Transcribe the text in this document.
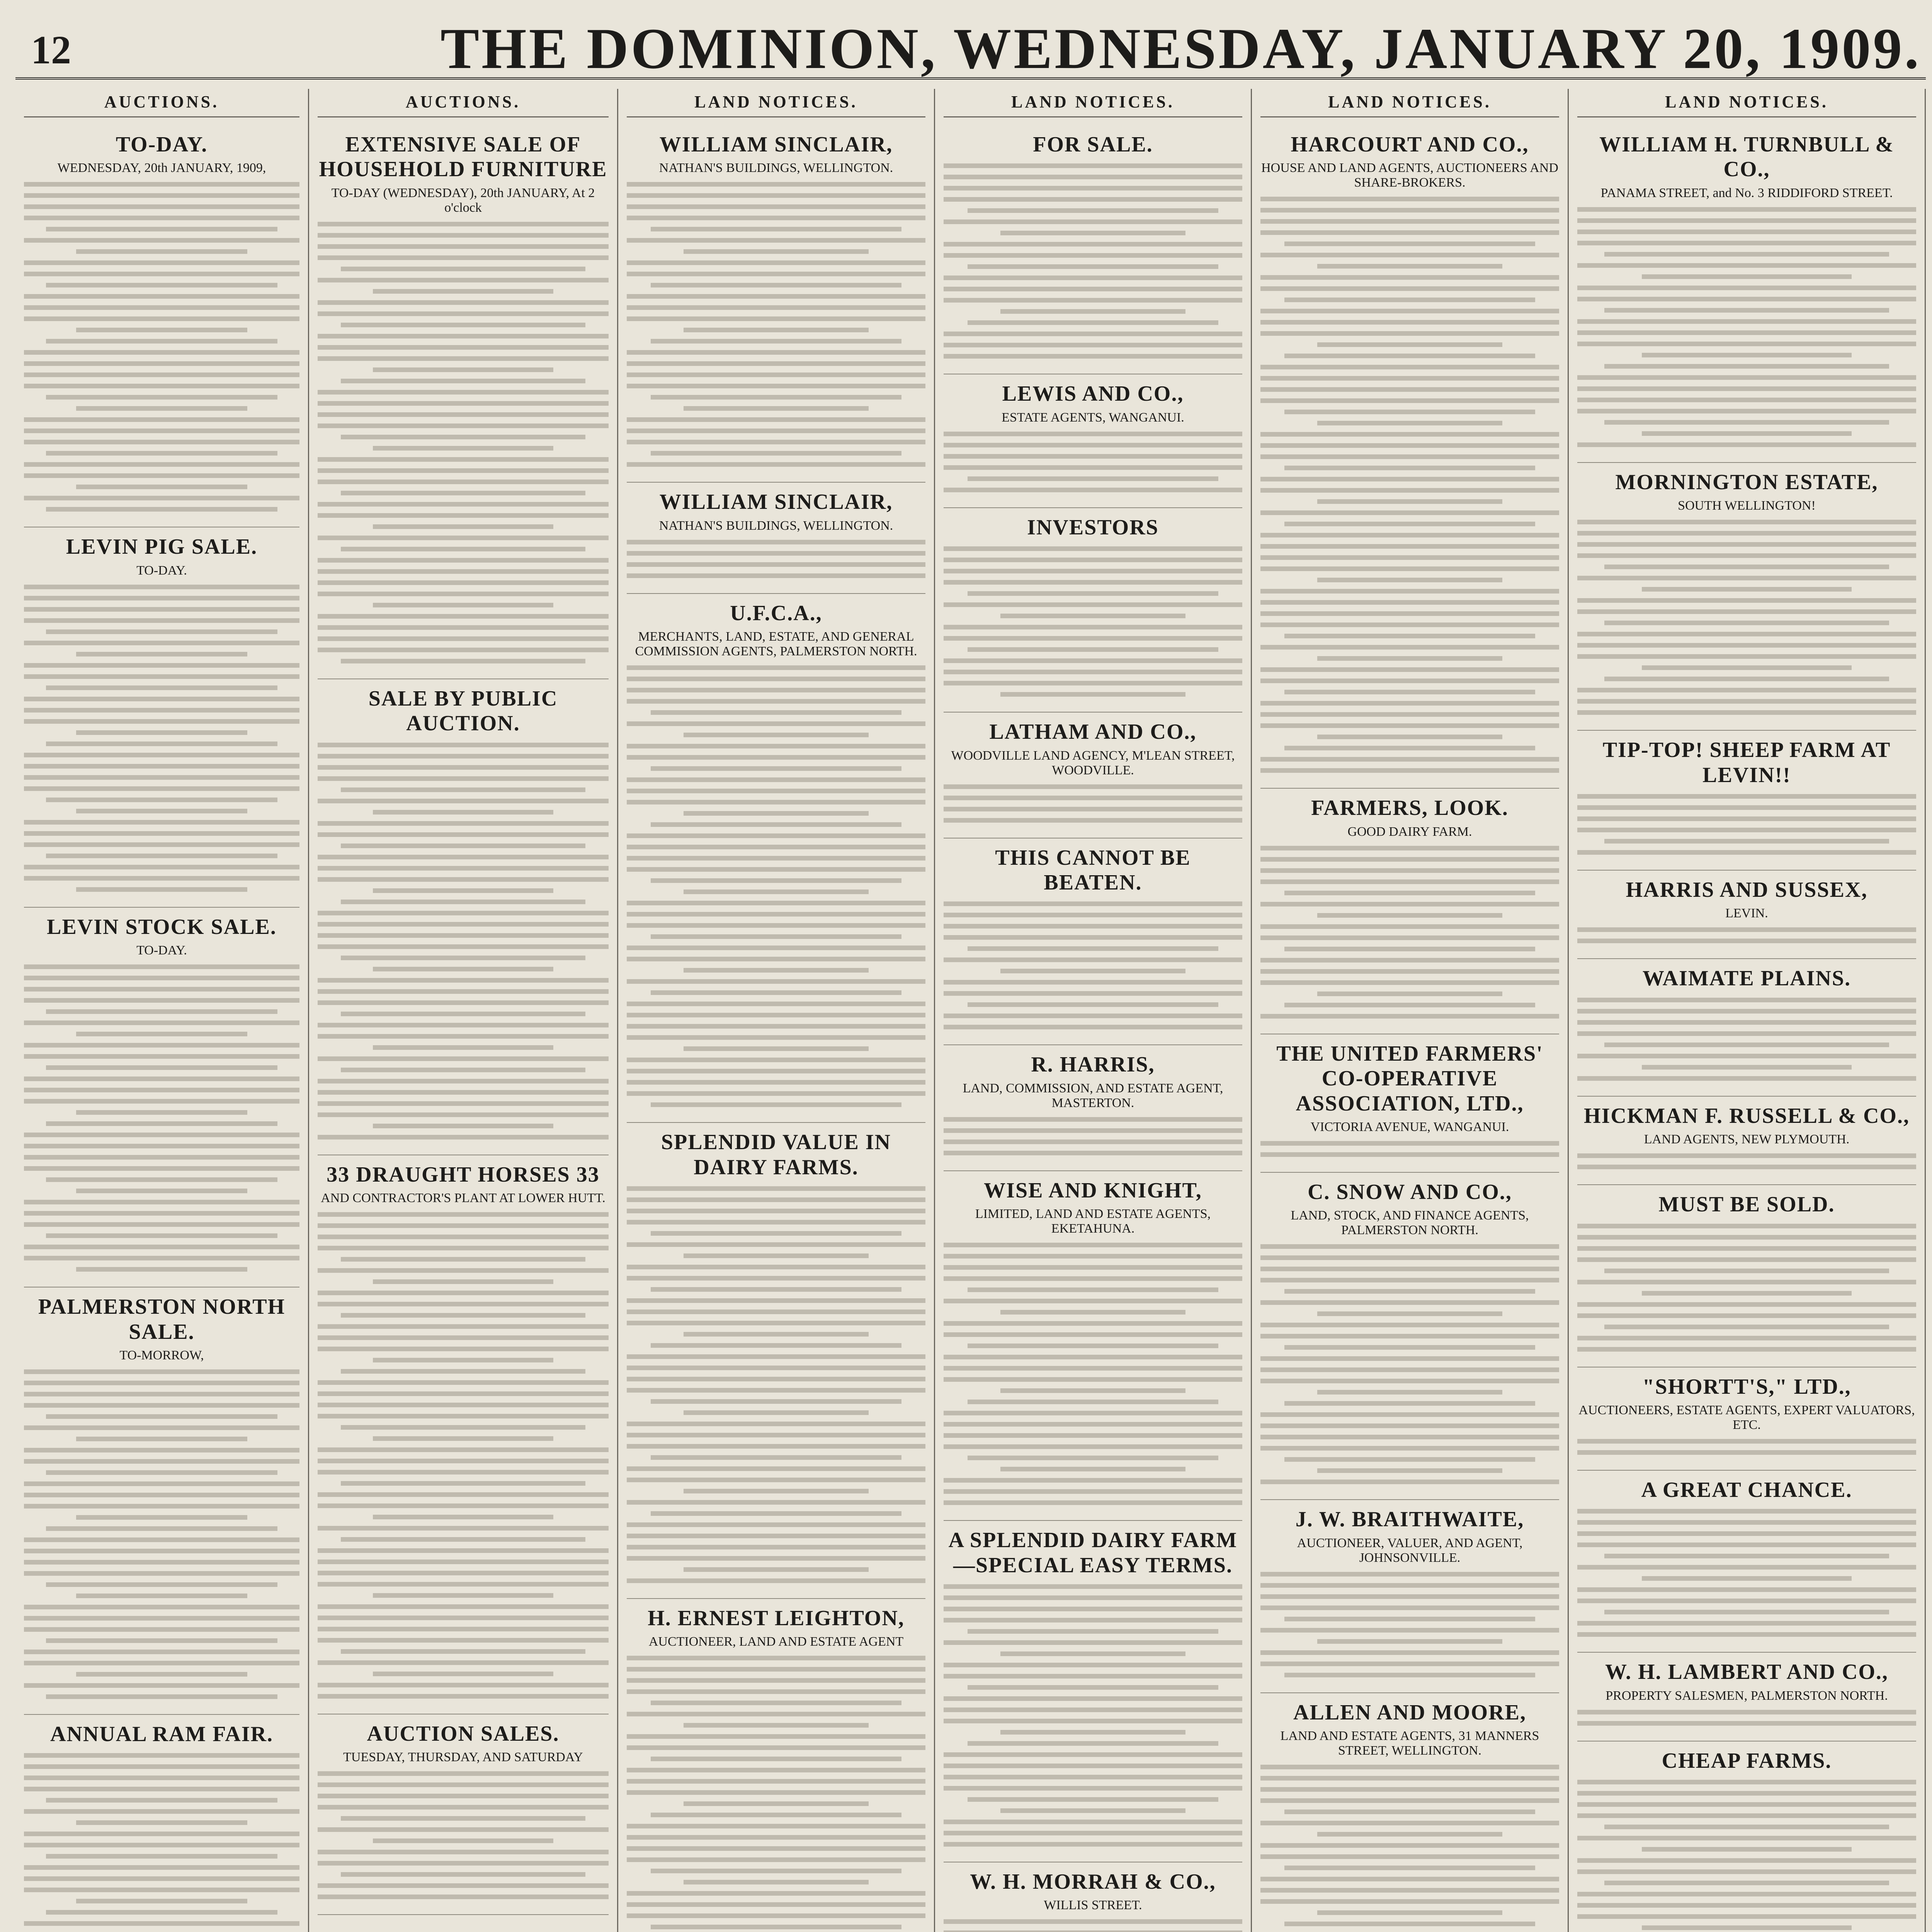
12	THE DOMINION, WEDNESDAY, JANUARY 20, 1909.
AUCTIONS.
TO-DAY.
WEDNESDAY, 20th JANUARY, 1909,
LEVIN PIG SALE.
TO-DAY.
LEVIN STOCK SALE.
TO-DAY.
PALMERSTON NORTH SALE.
TO-MORROW,
ANNUAL RAM FAIR.
AUCTIONS.
EXTENSIVE SALE OF HOUSEHOLD FURNITURE
TO-DAY (WEDNESDAY), 20th JANUARY, At 2 o'clock
SALE BY PUBLIC AUCTION.
33 DRAUGHT HORSES 33
AND CONTRACTOR'S PLANT AT LOWER HUTT.
AUCTION SALES.
TUESDAY, THURSDAY, AND SATURDAY
LAND NOTICES.
WILLIAM SINCLAIR,
NATHAN'S BUILDINGS, WELLINGTON.
WILLIAM SINCLAIR,
NATHAN'S BUILDINGS, WELLINGTON.
U.F.C.A.,
MERCHANTS, LAND, ESTATE, AND GENERAL COMMISSION AGENTS, PALMERSTON NORTH.
SPLENDID VALUE IN DAIRY FARMS.
H. ERNEST LEIGHTON,
AUCTIONEER, LAND AND ESTATE AGENT
LAND NOTICES.
FOR SALE.
LEWIS AND CO.,
ESTATE AGENTS, WANGANUI.
INVESTORS
LATHAM AND CO.,
WOODVILLE LAND AGENCY, M'LEAN STREET, WOODVILLE.
THIS CANNOT BE BEATEN.
R. HARRIS,
LAND, COMMISSION, AND ESTATE AGENT, MASTERTON.
WISE AND KNIGHT,
LIMITED, LAND AND ESTATE AGENTS, EKETAHUNA.
A SPLENDID DAIRY FARM—SPECIAL EASY TERMS.
W. H. MORRAH & CO.,
WILLIS STREET.
LAND NOTICES.
HARCOURT AND CO.,
HOUSE AND LAND AGENTS, AUCTIONEERS AND SHARE-BROKERS.
FARMERS, LOOK.
GOOD DAIRY FARM.
THE UNITED FARMERS' CO-OPERATIVE ASSOCIATION, LTD.,
VICTORIA AVENUE, WANGANUI.
C. SNOW AND CO.,
LAND, STOCK, AND FINANCE AGENTS, PALMERSTON NORTH.
J. W. BRAITHWAITE,
AUCTIONEER, VALUER, AND AGENT, JOHNSONVILLE.
ALLEN AND MOORE,
LAND AND ESTATE AGENTS, 31 MANNERS STREET, WELLINGTON.
LAND NOTICES.
WILLIAM H. TURNBULL & CO.,
PANAMA STREET, and No. 3 RIDDIFORD STREET.
MORNINGTON ESTATE,
SOUTH WELLINGTON!
TIP-TOP! SHEEP FARM AT LEVIN!!
HARRIS AND SUSSEX,
LEVIN.
WAIMATE PLAINS.
HICKMAN F. RUSSELL & CO.,
LAND AGENTS, NEW PLYMOUTH.
MUST BE SOLD.
"SHORTT'S," LTD.,
AUCTIONEERS, ESTATE AGENTS, EXPERT VALUATORS, ETC.
A GREAT CHANCE.
W. H. LAMBERT AND CO.,
PROPERTY SALESMEN, PALMERSTON NORTH.
CHEAP FARMS.
